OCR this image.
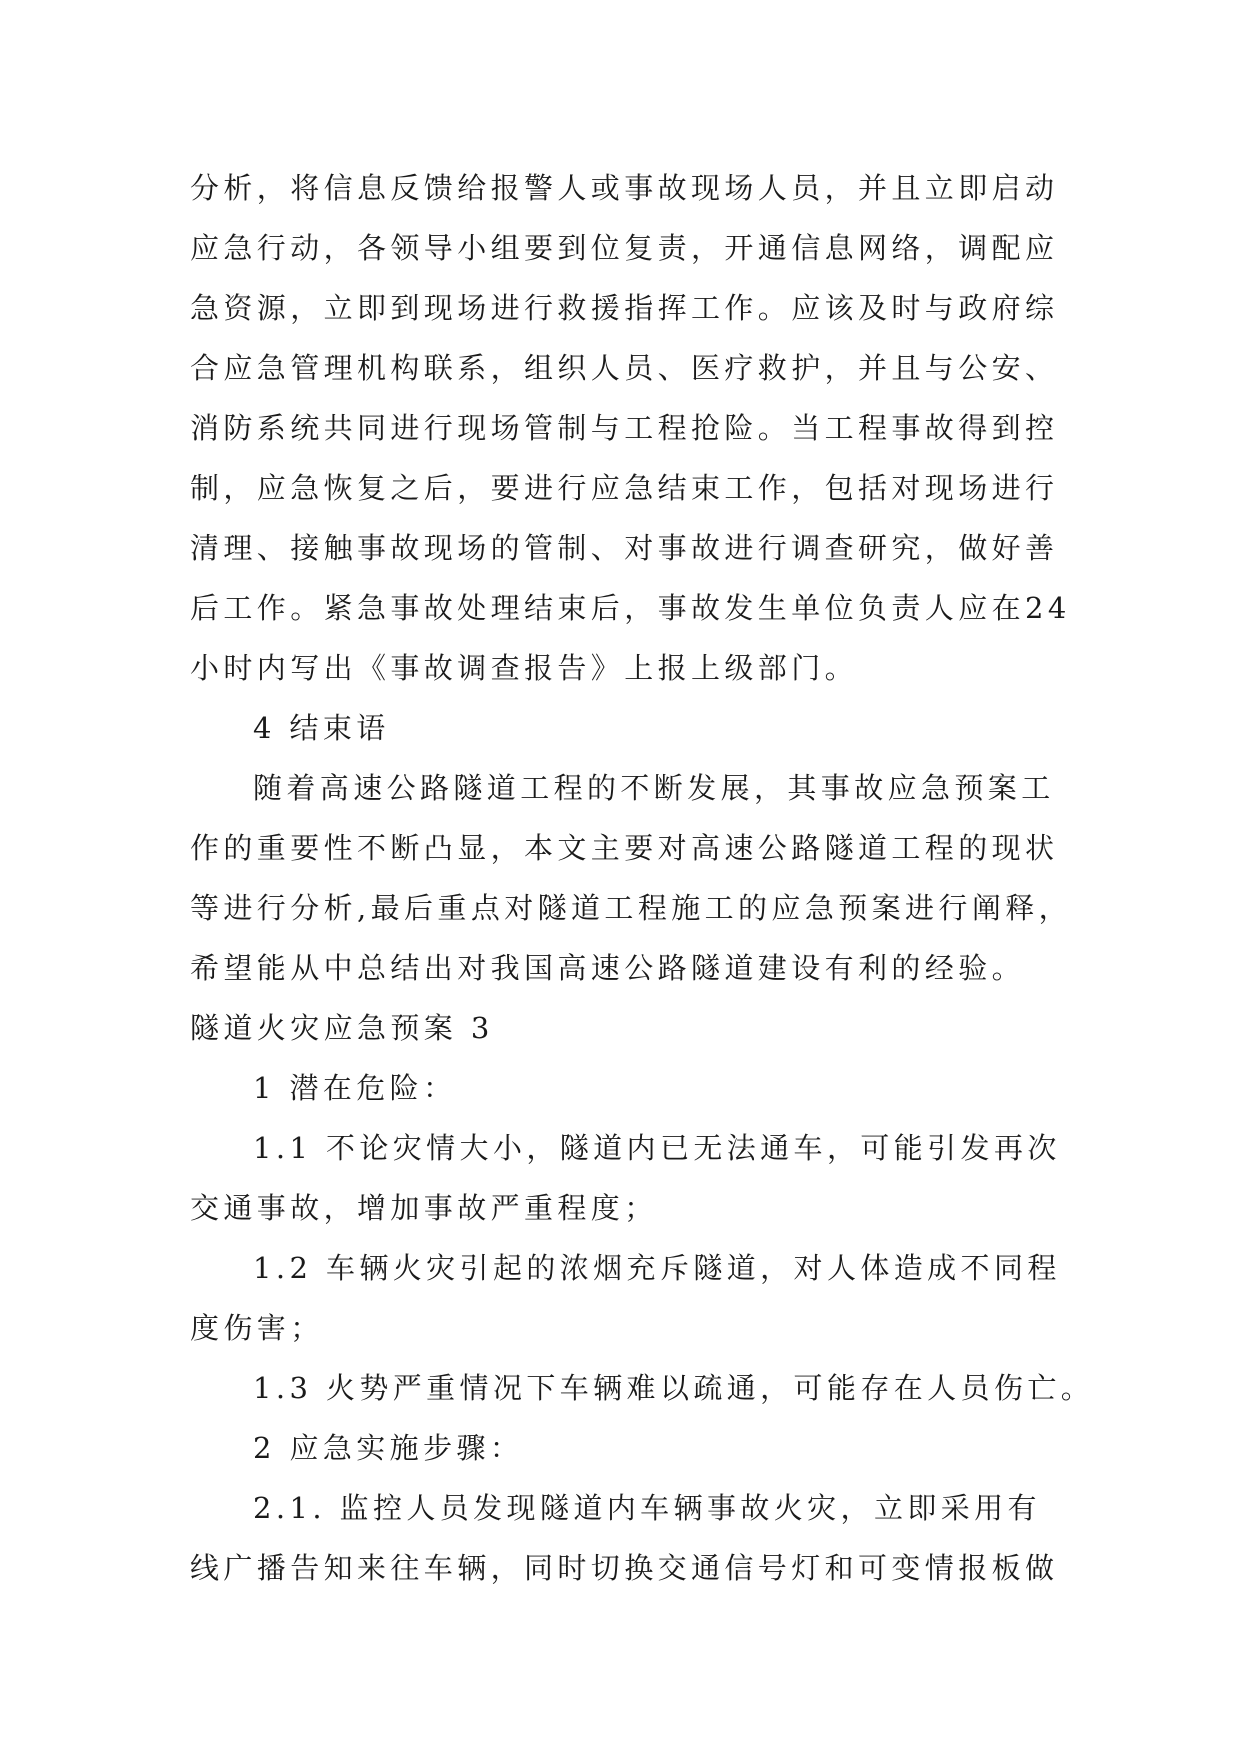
分析，将信息反馈给报警人或事故现场人员，并且立即启动
应急行动，各领导小组要到位复责，开通信息网络，调配应
急资源，立即到现场进行救援指挥工作。应该及时与政府综
合应急管理机构联系，组织人员、医疗救护，并且与公安、
消防系统共同进行现场管制与工程抢险。当工程事故得到控
制，应急恢复之后，要进行应急结束工作，包括对现场进行
清理、接触事故现场的管制、对事故进行调查研究，做好善
后工作。紧急事故处理结束后，事故发生单位负责人应在24
小时内写出《事故调查报告》上报上级部门。
4 结束语
随着高速公路隧道工程的不断发展，其事故应急预案工
作的重要性不断凸显，本文主要对高速公路隧道工程的现状
等进行分析,最后重点对隧道工程施工的应急预案进行阐释，
希望能从中总结出对我国高速公路隧道建设有利的经验。
隧道火灾应急预案 3
1 潜在危险：
1.1 不论灾情大小，隧道内已无法通车，可能引发再次
交通事故，增加事故严重程度；
1.2 车辆火灾引起的浓烟充斥隧道，对人体造成不同程
度伤害；
1.3 火势严重情况下车辆难以疏通，可能存在人员伤亡。
2 应急实施步骤：
2.1. 监控人员发现隧道内车辆事故火灾，立即采用有
线广播告知来往车辆，同时切换交通信号灯和可变情报板做
